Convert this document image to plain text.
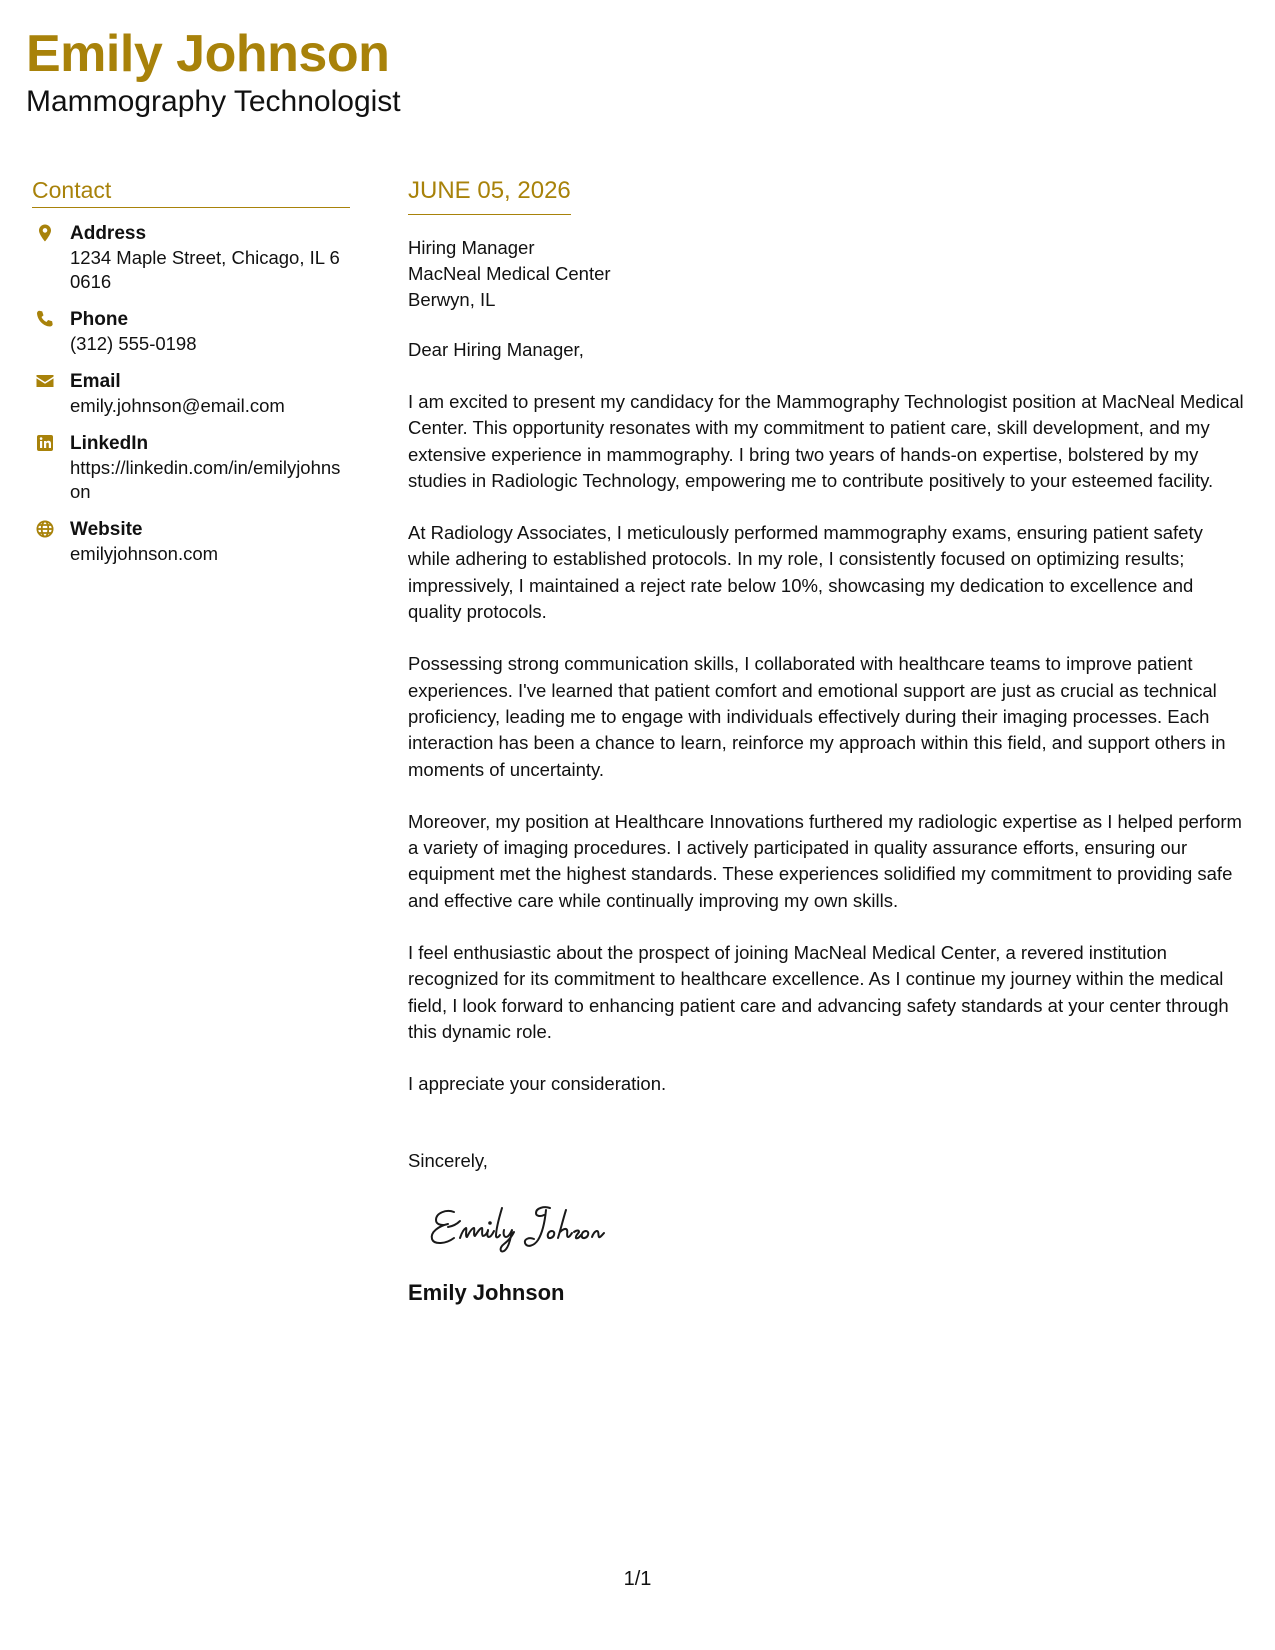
Emily Johnson
Mammography Technologist
Contact
Address
1234 Maple Street, Chicago, IL 60616
Phone
(312) 555-0198
Email
emily.johnson@email.com
LinkedIn
https://linkedin.com/in/emilyjohnson
Website
emilyjohnson.com
JUNE 05, 2026
Hiring Manager
MacNeal Medical Center
Berwyn, IL
Dear Hiring Manager,
I am excited to present my candidacy for the Mammography Technologist position at MacNeal Medical Center. This opportunity resonates with my commitment to patient care, skill development, and my extensive experience in mammography. I bring two years of hands-on expertise, bolstered by my studies in Radiologic Technology, empowering me to contribute positively to your esteemed facility.
At Radiology Associates, I meticulously performed mammography exams, ensuring patient safety while adhering to established protocols. In my role, I consistently focused on optimizing results; impressively, I maintained a reject rate below 10%, showcasing my dedication to excellence and quality protocols.
Possessing strong communication skills, I collaborated with healthcare teams to improve patient experiences. I've learned that patient comfort and emotional support are just as crucial as technical proficiency, leading me to engage with individuals effectively during their imaging processes. Each interaction has been a chance to learn, reinforce my approach within this field, and support others in moments of uncertainty.
Moreover, my position at Healthcare Innovations furthered my radiologic expertise as I helped perform a variety of imaging procedures. I actively participated in quality assurance efforts, ensuring our equipment met the highest standards. These experiences solidified my commitment to providing safe and effective care while continually improving my own skills.
I feel enthusiastic about the prospect of joining MacNeal Medical Center, a revered institution recognized for its commitment to healthcare excellence. As I continue my journey within the medical field, I look forward to enhancing patient care and advancing safety standards at your center through this dynamic role.
I appreciate your consideration.
Sincerely,
Emily Johnson
1/1
